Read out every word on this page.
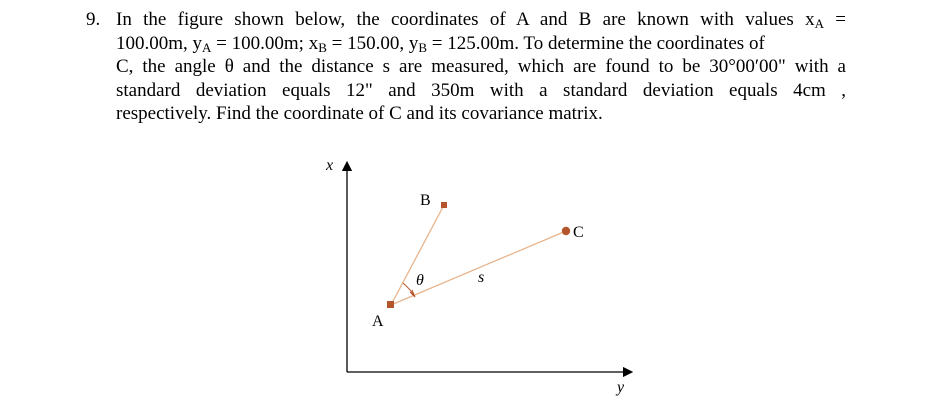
9. In the figure shown below, the coordinates of A and B are known with values $x_A$ =
100.00m, $y_A = 100.00m$; $x_B = 150.00$, $y_B = 125.00m$. To determine the coordinates of
C, the angle θ and the distance s are measured, which are found to be 30°00′00" with a
standard deviation equals 12" and 350m with a standard deviation equals 4cm ,
respectively. Find the coordinate of C and its covariance matrix.
x
y
A
B
C
θ	s
